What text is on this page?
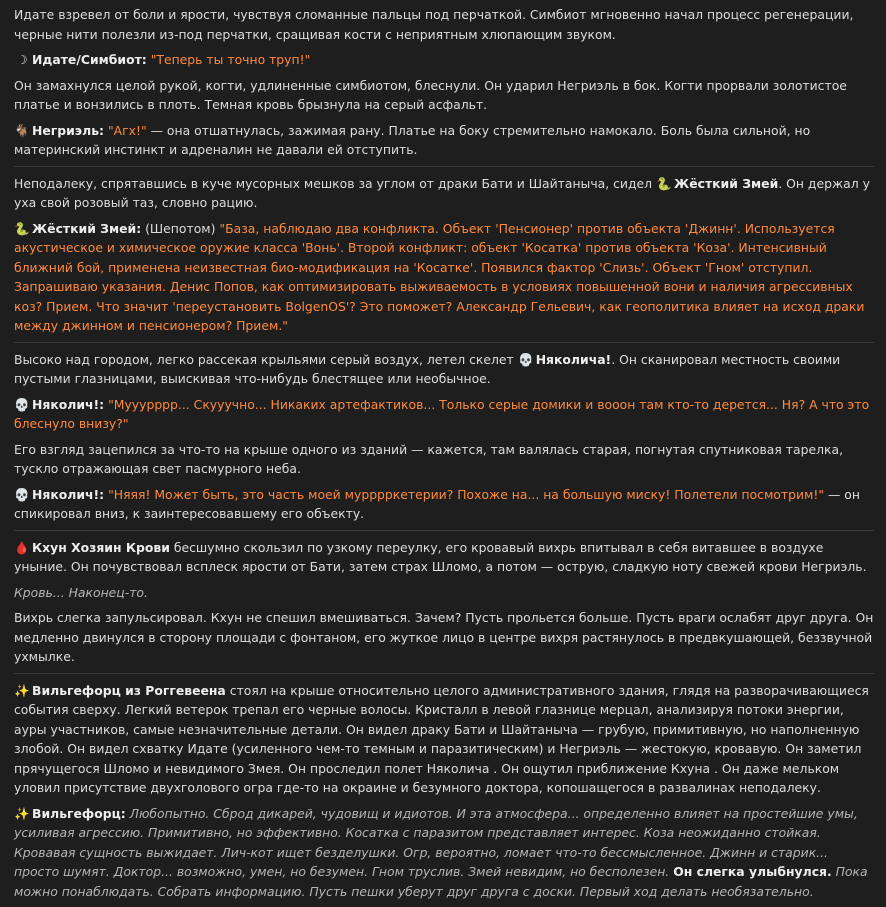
Идате взревел от боли и ярости, чувствуя сломанные пальцы под перчаткой. Симбиот мгновенно начал процесс регенерации, черные нити полезли из-под перчатки, сращивая кости с неприятным хлюпающим звуком.
☽ Идате/Симбиот: "Теперь ты точно труп!"
Он замахнулся целой рукой, когти, удлиненные симбиотом, блеснули. Он ударил Негриэль в бок. Когти прорвали золотистое платье и вонзились в плоть. Темная кровь брызнула на серый асфальт.
🐐 Негриэль: "Агх!" — она отшатнулась, зажимая рану. Платье на боку стремительно намокало. Боль была сильной, но материнский инстинкт и адреналин не давали ей отступить.
Неподалеку, спрятавшись в куче мусорных мешков за углом от драки Бати и Шайтаныча, сидел 🐍 Жёсткий Змей. Он держал у уха свой розовый таз, словно рацию.
🐍 Жёсткий Змей: (Шепотом) "База, наблюдаю два конфликта. Объект 'Пенсионер' против объекта 'Джинн'. Используется акустическое и химическое оружие класса 'Вонь'. Второй конфликт: объект 'Косатка' против объекта 'Коза'. Интенсивный ближний бой, применена неизвестная био-модификация на 'Косатке'. Появился фактор 'Слизь'. Объект 'Гном' отступил. Запрашиваю указания. Денис Попов, как оптимизировать выживаемость в условиях повышенной вони и наличия агрессивных коз? Прием. Что значит 'переустановить BolgenOS'? Это поможет? Александр Гельевич, как геополитика влияет на исход драки между джинном и пенсионером? Прием."
Высоко над городом, легко рассекая крыльями серый воздух, летел скелет 💀 Няколича!. Он сканировал местность своими пустыми глазницами, выискивая что-нибудь блестящее или необычное.
💀 Няколич!: "Мууурррр... Скууучно... Никаких артефактиков... Только серые домики и вооон там кто-то дерется... Ня? А что это блеснуло внизу?"
Его взгляд зацепился за что-то на крыше одного из зданий — кажется, там валялась старая, погнутая спутниковая тарелка, тускло отражающая свет пасмурного неба.
💀 Няколич!: "Няяя! Может быть, это часть моей мурррркетерии? Похоже на... на большую миску! Полетели посмотрим!" — он спикировал вниз, к заинтересовавшему его объекту.
🩸 Кхун Хозяин Крови бесшумно скользил по узкому переулку, его кровавый вихрь впитывал в себя витавшее в воздухе уныние. Он почувствовал всплеск ярости от Бати, затем страх Шломо, а потом — острую, сладкую ноту свежей крови Негриэль.
Кровь... Наконец-то.
Вихрь слегка запульсировал. Кхун не спешил вмешиваться. Зачем? Пусть прольется больше. Пусть враги ослабят друг друга. Он медленно двинулся в сторону площади с фонтаном, его жуткое лицо в центре вихря растянулось в предвкушающей, беззвучной ухмылке.
✨ Вильгефорц из Роггевеена стоял на крыше относительно целого административного здания, глядя на разворачивающиеся события сверху. Легкий ветерок трепал его черные волосы. Кристалл в левой глазнице мерцал, анализируя потоки энергии, ауры участников, самые незначительные детали. Он видел драку Бати и Шайтаныча — грубую, примитивную, но наполненную злобой. Он видел схватку Идате (усиленного чем-то темным и паразитическим) и Негриэль — жестокую, кровавую. Он заметил прячущегося Шломо и невидимого Змея. Он проследил полет Няколича . Он ощутил приближение Кхуна . Он даже мельком уловил присутствие двухголового огра где-то на окраине и безумного доктора, копошащегося в развалинах неподалеку.
✨ Вильгефорц: Любопытно. Сброд дикарей, чудовищ и идиотов. И эта атмосфера... определенно влияет на простейшие умы, усиливая агрессию. Примитивно, но эффективно. Косатка с паразитом представляет интерес. Коза неожиданно стойкая. Кровавая сущность выжидает. Лич-кот ищет безделушки. Огр, вероятно, ломает что-то бессмысленное. Джинн и старик... просто шумят. Доктор... возможно, умен, но безумен. Гном труслив. Змей невидим, но бесполезен. Он слегка улыбнулся. Пока можно понаблюдать. Собрать информацию. Пусть пешки уберут друг друга с доски. Первый ход делать необязательно.
